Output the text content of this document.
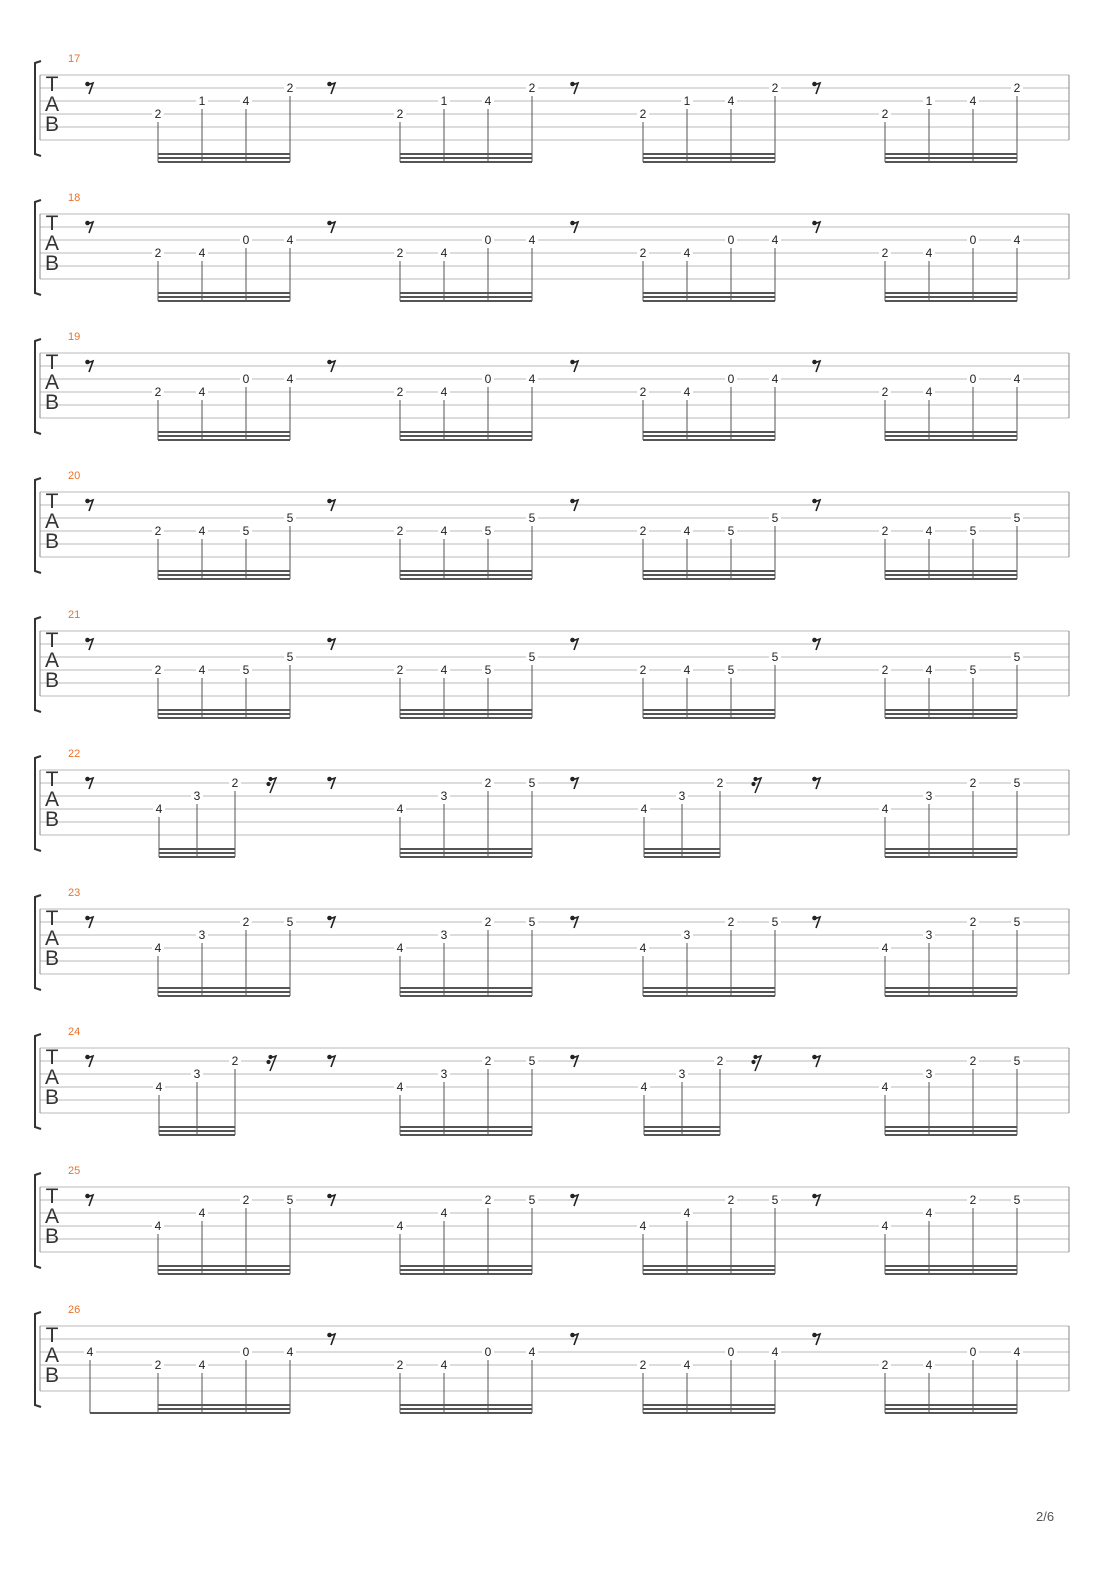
T
A
B
17
2
1	4
2
2
1	4
2
2
1	4
2
2
1	4
2
T
A
B
18
2	4
0	4
2	4
0	4
2	4
0	4
2	4
0	4
T
A
B
19
2	4
0	4
2	4
0	4
2	4
0	4
2	4
0	4
T
A
B
20
2	4	5
5
2	4	5
5
2	4	5
5
2	4	5
5
T
A
B
21
2	4	5
5
2	4	5
5
2	4	5
5
2	4	5
5
T
A
B
22
4
3
2
4
3
2	5
4
3
2
4
3
2	5
T
A
B
23
4
3
2	5
4
3
2	5
4
3
2	5
4
3
2	5
T
A
B
24
4
3
2
4
3
2	5
4
3
2
4
3
2	5
T
A
B
25
4
4
2	5
4
4
2	5
4
4
2	5
4
4
2	5
T
A
B
26
4
2	4
0	4
2	4
0	4
2	4
0	4
2	4
0	4
2/6
